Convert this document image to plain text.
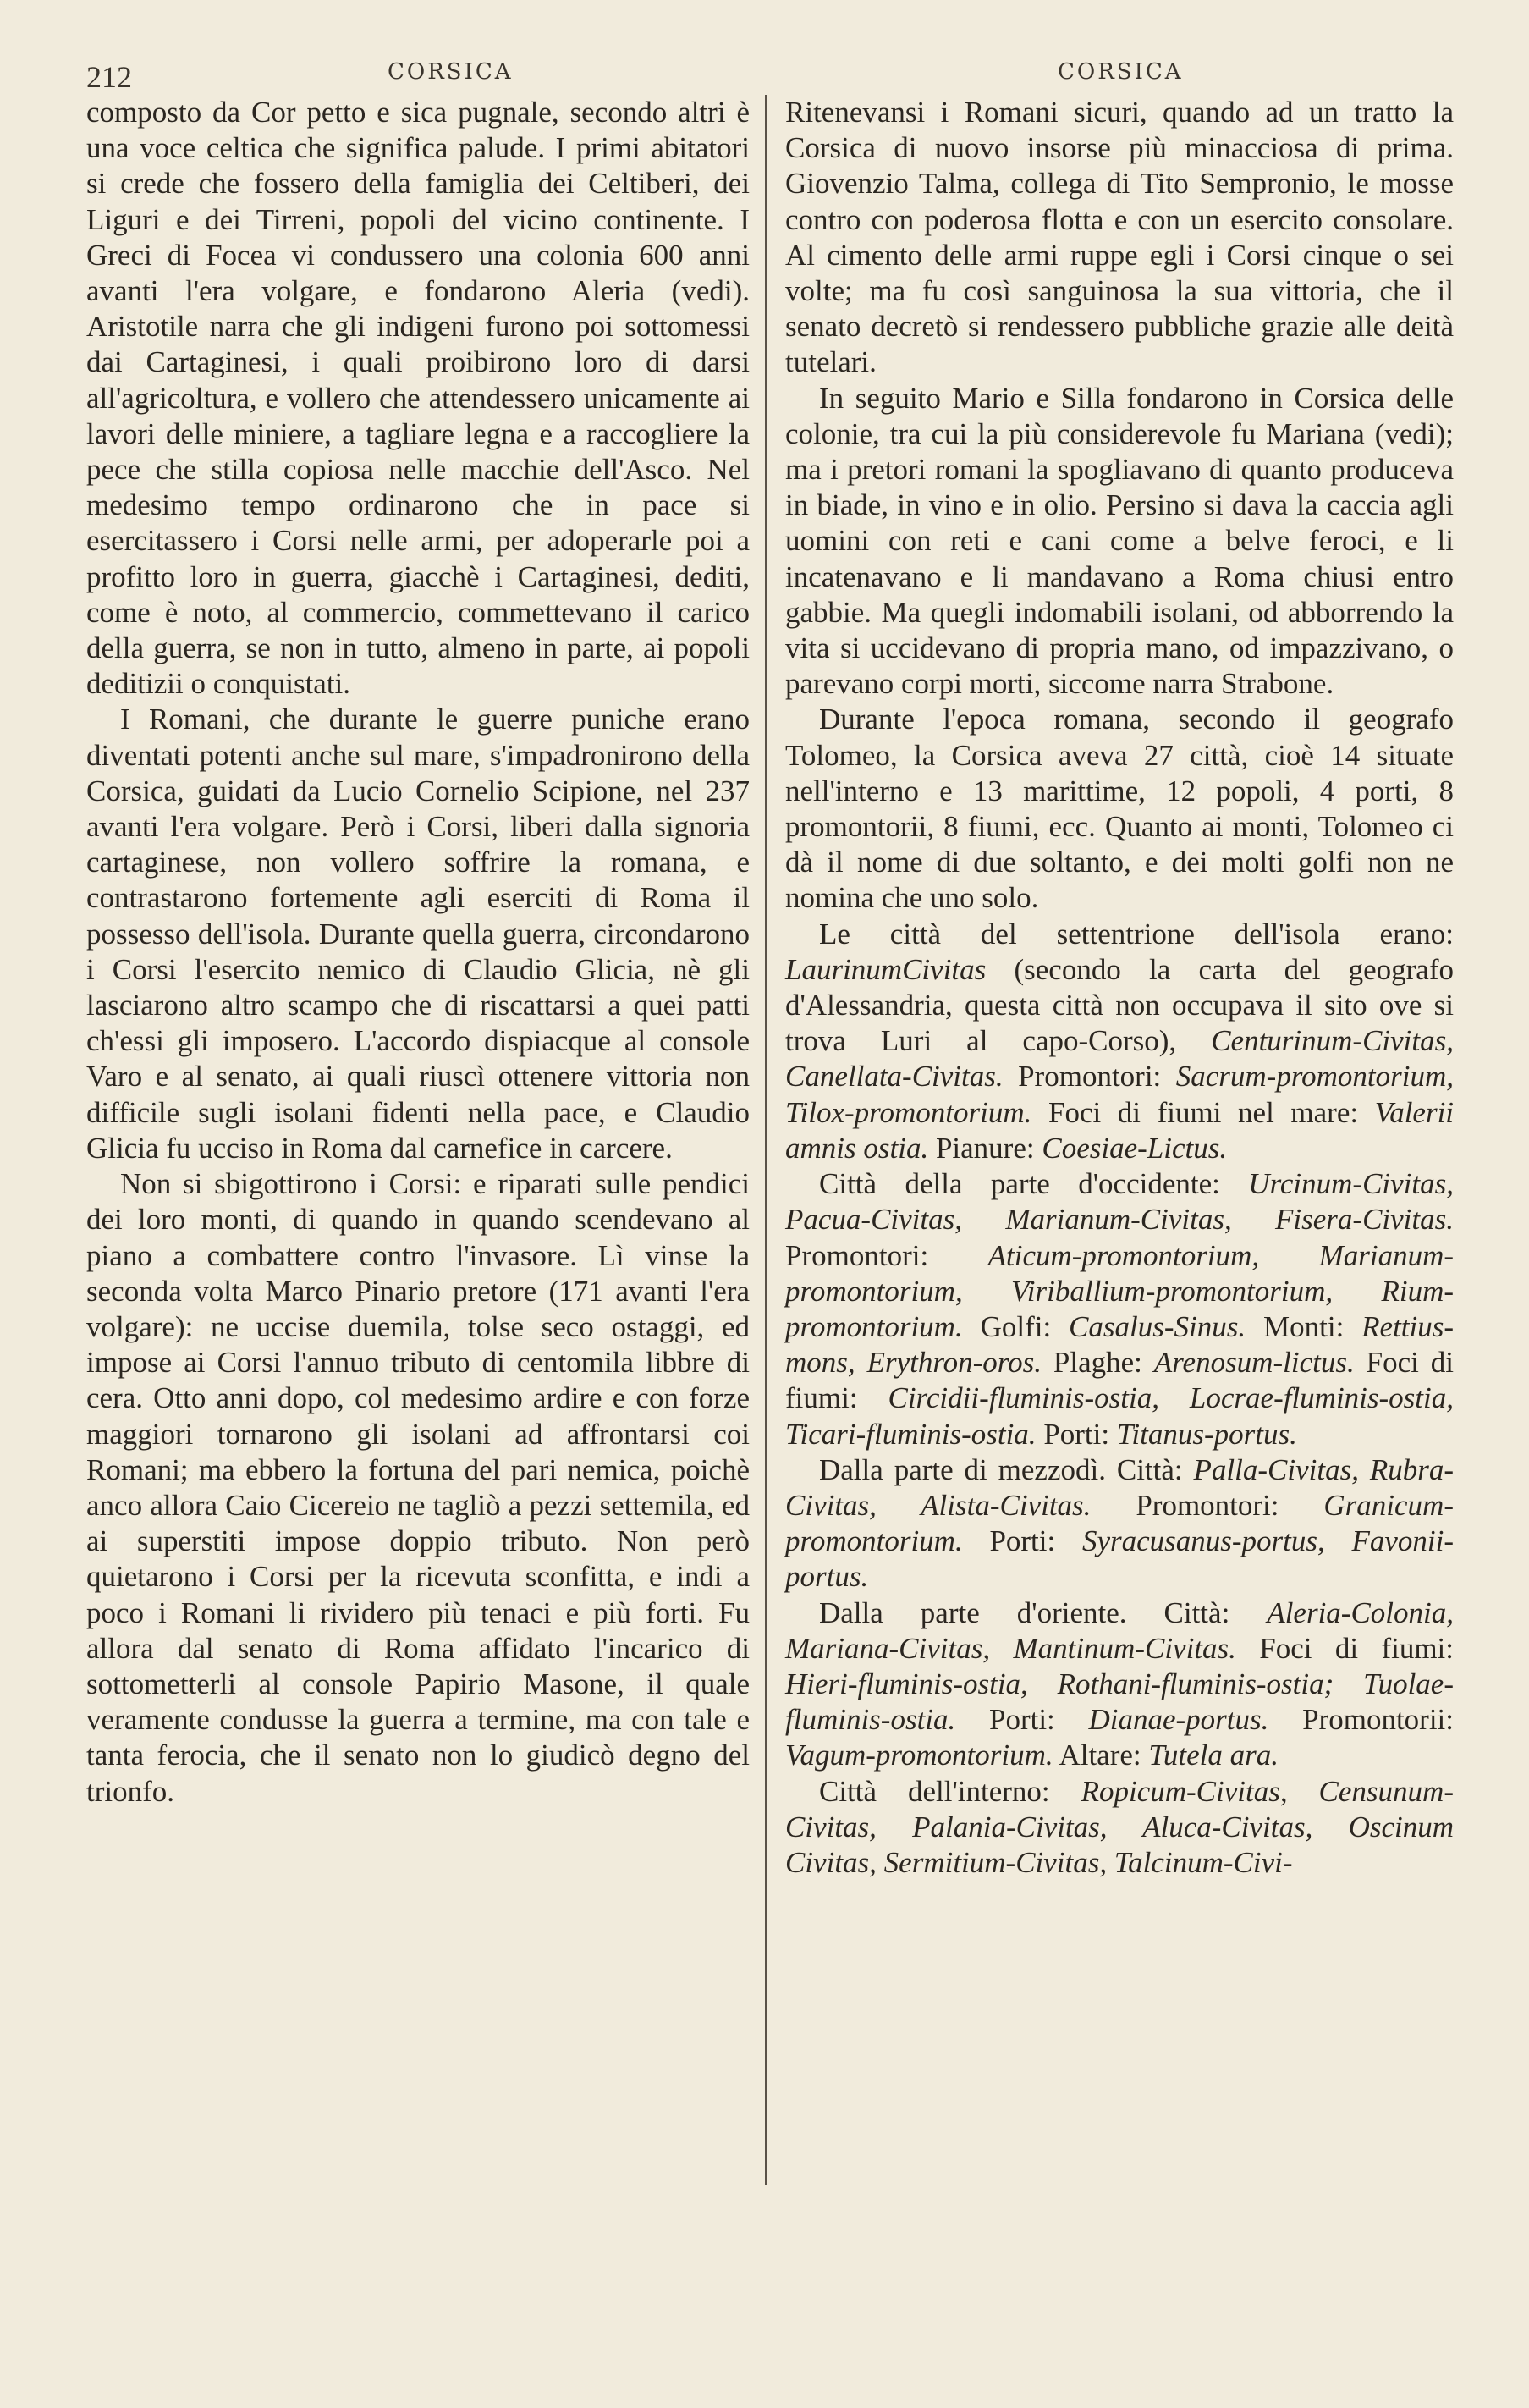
212	CORSICA	CORSICA

composto da Cor petto e sica pugnale, secondo altri è una voce celtica che significa palude. I primi abitatori si crede che fossero della famiglia dei Celtiberi, dei Liguri e dei Tirreni, popoli del vicino continente. I Greci di Focea vi condussero una colonia 600 anni avanti l'era volgare, e fondarono Aleria (vedi). Aristotile narra che gli indigeni furono poi sottomessi dai Cartaginesi, i quali proibirono loro di darsi all'agricoltura, e vollero che attendessero unicamente ai lavori delle miniere, a tagliare legna e a raccogliere la pece che stilla copiosa nelle macchie dell'Asco. Nel medesimo tempo ordinarono che in pace si esercitassero i Corsi nelle armi, per adoperarle poi a profitto loro in guerra, giacchè i Cartaginesi, dediti, come è noto, al commercio, commettevano il carico della guerra, se non in tutto, almeno in parte, ai popoli deditizii o conquistati.

I Romani, che durante le guerre puniche erano diventati potenti anche sul mare, s'impadronirono della Corsica, guidati da Lucio Cornelio Scipione, nel 237 avanti l'era volgare. Però i Corsi, liberi dalla signoria cartaginese, non vollero soffrire la romana, e contrastarono fortemente agli eserciti di Roma il possesso dell'isola. Durante quella guerra, circondarono i Corsi l'esercito nemico di Claudio Glicia, nè gli lasciarono altro scampo che di riscattarsi a quei patti ch'essi gli imposero. L'accordo dispiacque al console Varo e al senato, ai quali riuscì ottenere vittoria non difficile sugli isolani fidenti nella pace, e Claudio Glicia fu ucciso in Roma dal carnefice in carcere.

Non si sbigottirono i Corsi: e riparati sulle pendici dei loro monti, di quando in quando scendevano al piano a combattere contro l'invasore. Lì vinse la seconda volta Marco Pinario pretore (171 avanti l'era volgare): ne uccise duemila, tolse seco ostaggi, ed impose ai Corsi l'annuo tributo di centomila libbre di cera. Otto anni dopo, col medesimo ardire e con forze maggiori tornarono gli isolani ad affrontarsi coi Romani; ma ebbero la fortuna del pari nemica, poichè anco allora Caio Cicereio ne tagliò a pezzi settemila, ed ai superstiti impose doppio tributo. Non però quietarono i Corsi per la ricevuta sconfitta, e indi a poco i Romani li rividero più tenaci e più forti. Fu allora dal senato di Roma affidato l'incarico di sottometterli al console Papirio Masone, il quale veramente condusse la guerra a termine, ma con tale e tanta ferocia, che il senato non lo giudicò degno del trionfo.

Ritenevansi i Romani sicuri, quando ad un tratto la Corsica di nuovo insorse più minacciosa di prima. Giovenzio Talma, collega di Tito Sempronio, le mosse contro con poderosa flotta e con un esercito consolare. Al cimento delle armi ruppe egli i Corsi cinque o sei volte; ma fu così sanguinosa la sua vittoria, che il senato decretò si rendessero pubbliche grazie alle deità tutelari.

In seguito Mario e Silla fondarono in Corsica delle colonie, tra cui la più considerevole fu Mariana (vedi); ma i pretori romani la spogliavano di quanto produceva in biade, in vino e in olio. Persino si dava la caccia agli uomini con reti e cani come a belve feroci, e li incatenavano e li mandavano a Roma chiusi entro gabbie. Ma quegli indomabili isolani, od abborrendo la vita si uccidevano di propria mano, od impazzivano, o parevano corpi morti, siccome narra Strabone.

Durante l'epoca romana, secondo il geografo Tolomeo, la Corsica aveva 27 città, cioè 14 situate nell'interno e 13 marittime, 12 popoli, 4 porti, 8 promontorii, 8 fiumi, ecc. Quanto ai monti, Tolomeo ci dà il nome di due soltanto, e dei molti golfi non ne nomina che uno solo.

Le città del settentrione dell'isola erano: LaurinumCivitas (secondo la carta del geografo d'Alessandria, questa città non occupava il sito ove si trova Luri al capo-Corso), Centurinum-Civitas, Canellata-Civitas. Promontori: Sacrum-promontorium, Tilox-promontorium. Foci di fiumi nel mare: Valerii amnis ostia. Pianure: Coesiae-Lictus.

Città della parte d'occidente: Urcinum-Civitas, Pacua-Civitas, Marianum-Civitas, Fisera-Civitas. Promontori: Aticum-promontorium, Marianum-promontorium, Viriballium-promontorium, Rium-promontorium. Golfi: Casalus-Sinus. Monti: Rettius-mons, Erythron-oros. Plaghe: Arenosum-lictus. Foci di fiumi: Circidii-fluminis-ostia, Locrae-fluminis-ostia, Ticari-fluminis-ostia. Porti: Titanus-portus.

Dalla parte di mezzodì. Città: Palla-Civitas, Rubra-Civitas, Alista-Civitas. Promontori: Granicum-promontorium. Porti: Syracusanus-portus, Favonii-portus.

Dalla parte d'oriente. Città: Aleria-Colonia, Mariana-Civitas, Mantinum-Civitas. Foci di fiumi: Hieri-fluminis-ostia, Rothani-fluminis-ostia; Tuolae-fluminis-ostia. Porti: Dianae-portus. Promontorii: Vagum-promontorium. Altare: Tutela ara.

Città dell'interno: Ropicum-Civitas, Censunum-Civitas, Palania-Civitas, Aluca-Civitas, Oscinum Civitas, Sermitium-Civitas, Talcinum-Civi-
